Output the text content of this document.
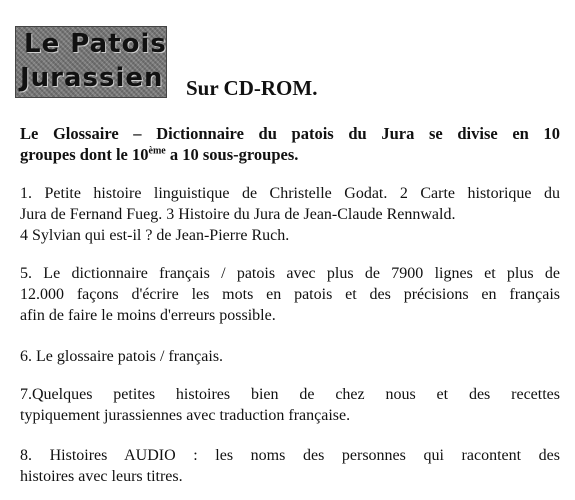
Le Patois
Jurassien	Sur CD-ROM.
Le Glossaire – Dictionnaire du patois du Jura se divise en 10
groupes dont le 10ème a 10 sous-groupes.
1. Petite histoire linguistique de Christelle Godat. 2 Carte historique du
Jura de Fernand Fueg. 3 Histoire du Jura de Jean-Claude Rennwald.
4 Sylvian qui est-il ? de Jean-Pierre Ruch.
5. Le dictionnaire français / patois avec plus de 7900 lignes et plus de
12.000 façons d'écrire les mots en patois et des précisions en français
afin de faire le moins d'erreurs possible.
6. Le glossaire patois / français.
7.Quelques petites histoires bien de chez nous et des recettes
typiquement jurassiennes avec traduction française.
8. Histoires AUDIO : les noms des personnes qui racontent des
histoires avec leurs titres.
